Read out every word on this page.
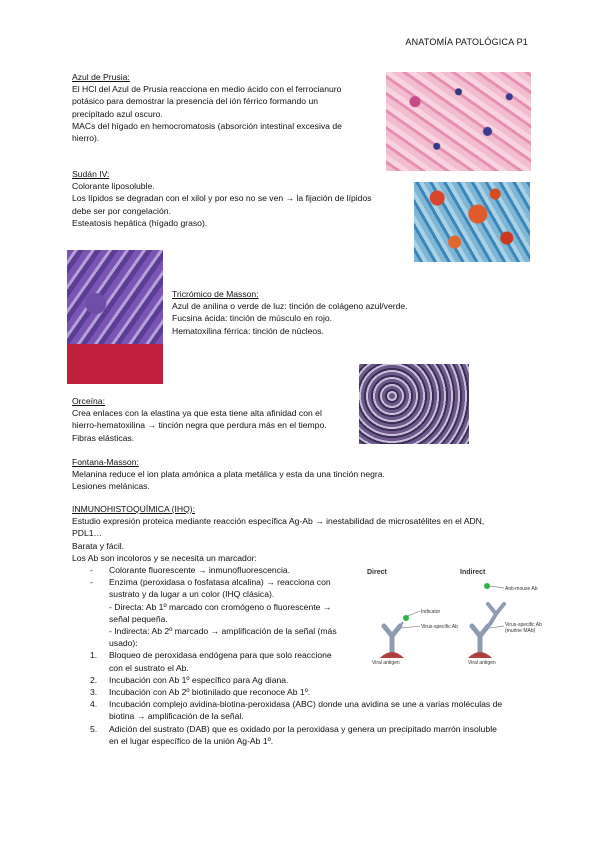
ANATOMÍA PATOLÓGICA P1
Azul de Prusia:
El HCl del Azul de Prusia reacciona en medio ácido con el ferrocianuro
potásico para demostrar la presencia del ión férrico formando un
precipitado azul oscuro.
MACs del hígado en hemocromatosis (absorción intestinal excesiva de
hierro).
Sudán IV:
Colorante liposoluble.
Los lípidos se degradan con el xilol y por eso no se ven → la fijación de lípidos
debe ser por congelación.
Esteatosis hepática (hígado graso).
Tricrómico de Masson:
Azul de anilina o verde de luz: tinción de colágeno azul/verde.
Fucsina ácida: tinción de músculo en rojo.
Hematoxilina férrica: tinción de núcleos.
Orceína:
Crea enlaces con la elastina ya que esta tiene alta afinidad con el
hierro-hematoxilina → tinción negra que perdura más en el tiempo.
Fibras elásticas.
Fontana-Masson:
Melanina reduce el ion plata amónica a plata metálica y esta da una tinción negra.
Lesiones melánicas.
INMUNOHISTOQUÍMICA (IHQ):
Estudio expresión proteica mediante reacción específica Ag-Ab → inestabilidad de microsatélites en el ADN,
PDL1…
Barata y fácil.
Los Ab son incoloros y se necesita un marcador:
- Colorante fluorescente → inmunofluorescencia.
- Enzima (peroxidasa o fosfatasa alcalina) → reacciona con
sustrato y da lugar a un color (IHQ clásica).
- Directa: Ab 1º marcado con cromógeno o fluorescente →
señal pequeña.
- Indirecta: Ab 2º marcado → amplificación de la señal (más
usado):
1. Bloqueo de peroxidasa endógena para que solo reaccione
con el sustrato el Ab.
2. Incubación con Ab 1º específico para Ag diana.
3. Incubación con Ab 2º biotinilado que reconoce Ab 1º.
4. Incubación complejo avidina-biotina-peroxidasa (ABC) donde una avidina se une a varias moléculas de
biotina → amplificación de la señal.
5. Adición del sustrato (DAB) que es oxidado por la peroxidasa y genera un precipitado marrón insoluble
en el lugar específico de la unión Ag-Ab 1º.
Direct	Indirect
Indicator
Virus-specific Ab
Viral antigen
Anti-mouse Ab
Virus-specific Ab
(murine MAb)
Viral antigen
